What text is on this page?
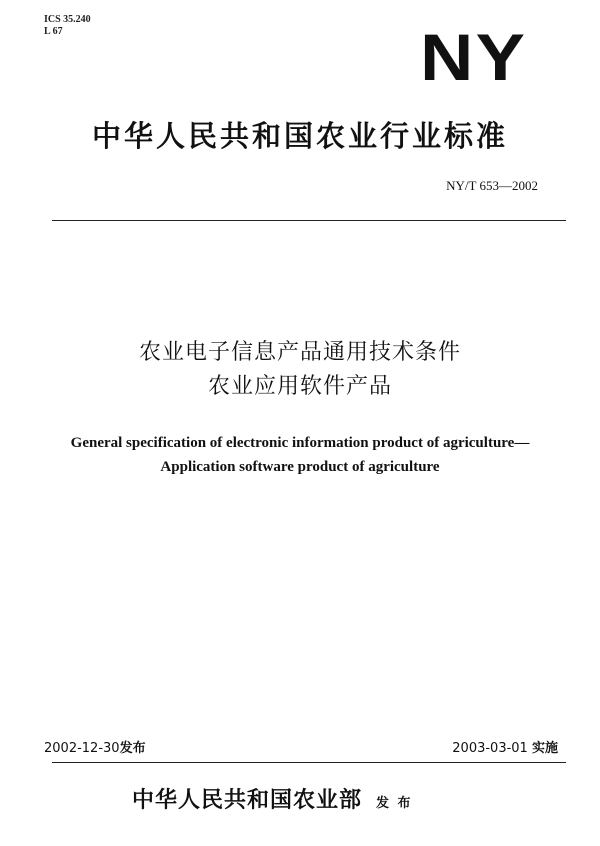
ICS 35.240
L 67	NY
中华人民共和国农业行业标准
NY/T 653—2002
农业电子信息产品通用技术条件
农业应用软件产品
General specification of electronic information product of agriculture—
Application software product of agriculture
2002-12-30发布	2003-03-01 实施
中华人民共和国农业部 发 布
